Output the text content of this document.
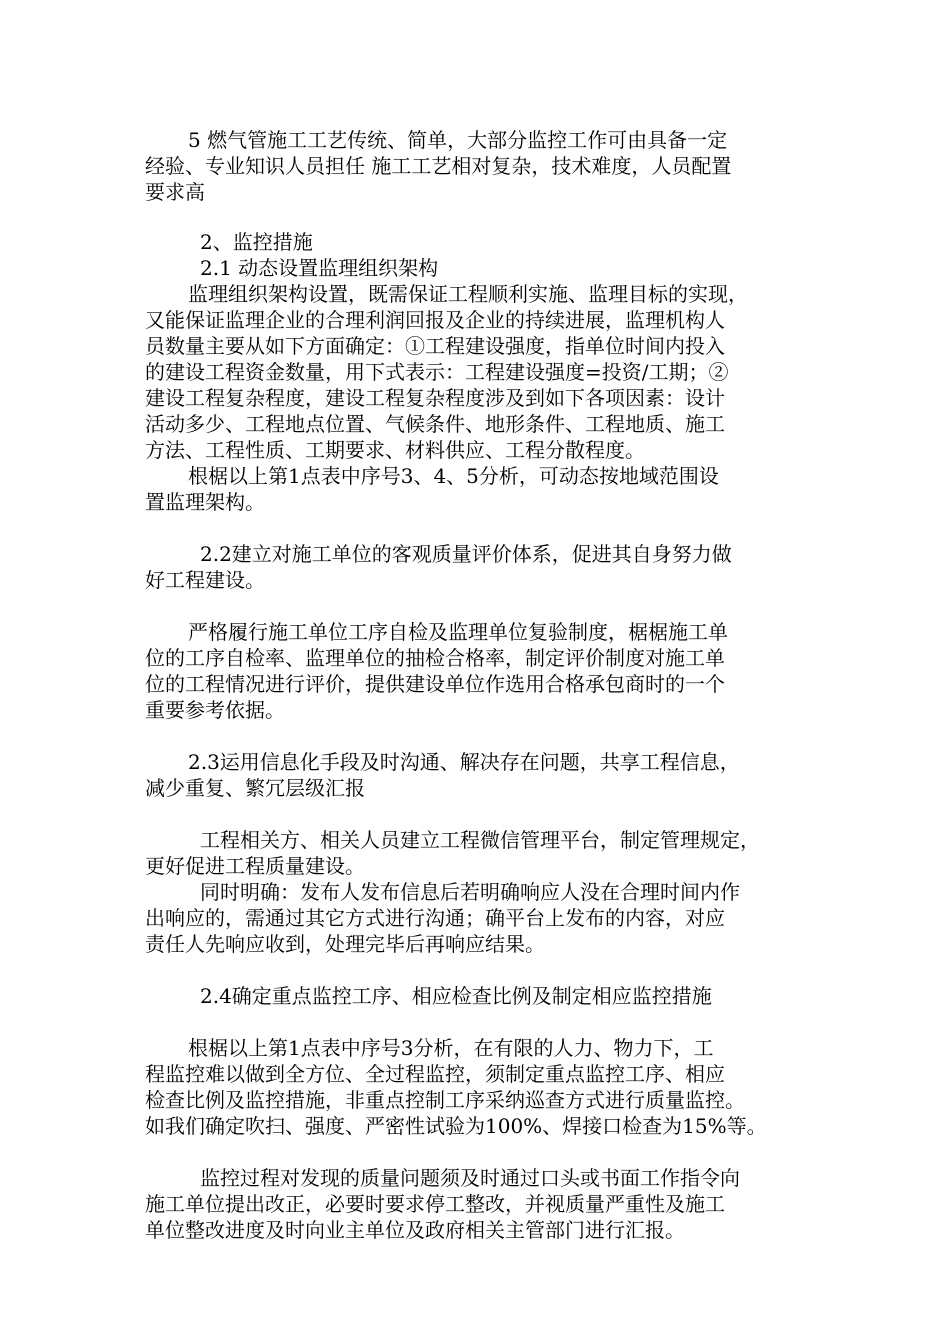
5 燃气管施工工艺传统、简单，大部分监控工作可由具备一定
经验、专业知识人员担任 施工工艺相对复杂，技术难度，人员配置
要求高
2、监控措施
2.1 动态设置监理组织架构
监理组织架构设置，既需保证工程顺利实施、监理目标的实现，
又能保证监理企业的合理利润回报及企业的持续进展，监理机构人
员数量主要从如下方面确定：①工程建设强度，指单位时间内投入
的建设工程资金数量，用下式表示：工程建设强度=投资/工期；②
建设工程复杂程度，建设工程复杂程度涉及到如下各项因素：设计
活动多少、工程地点位置、气候条件、地形条件、工程地质、施工
方法、工程性质、工期要求、材料供应、工程分散程度。
根椐以上第1点表中序号3、4、5分析，可动态按地域范围设
置监理架构。
2.2建立对施工单位的客观质量评价体系，促进其自身努力做
好工程建设。
严格履行施工单位工序自检及监理单位复验制度，椐椐施工单
位的工序自检率、监理单位的抽检合格率，制定评价制度对施工单
位的工程情况进行评价，提供建设单位作选用合格承包商时的一个
重要参考依据。
2.3运用信息化手段及时沟通、解决存在问题，共享工程信息，
减少重复、繁冗层级汇报
工程相关方、相关人员建立工程微信管理平台，制定管理规定，
更好促进工程质量建设。
同时明确：发布人发布信息后若明确响应人没在合理时间内作
出响应的，需通过其它方式进行沟通；确平台上发布的内容，对应
责任人先响应收到，处理完毕后再响应结果。
2.4确定重点监控工序、相应检查比例及制定相应监控措施
根椐以上第1点表中序号3分析，在有限的人力、物力下，工
程监控难以做到全方位、全过程监控，须制定重点监控工序、相应
检查比例及监控措施，非重点控制工序采纳巡查方式进行质量监控。
如我们确定吹扫、强度、严密性试验为100%、焊接口检查为15%等。
监控过程对发现的质量问题须及时通过口头或书面工作指令向
施工单位提出改正，必要时要求停工整改，并视质量严重性及施工
单位整改进度及时向业主单位及政府相关主管部门进行汇报。
